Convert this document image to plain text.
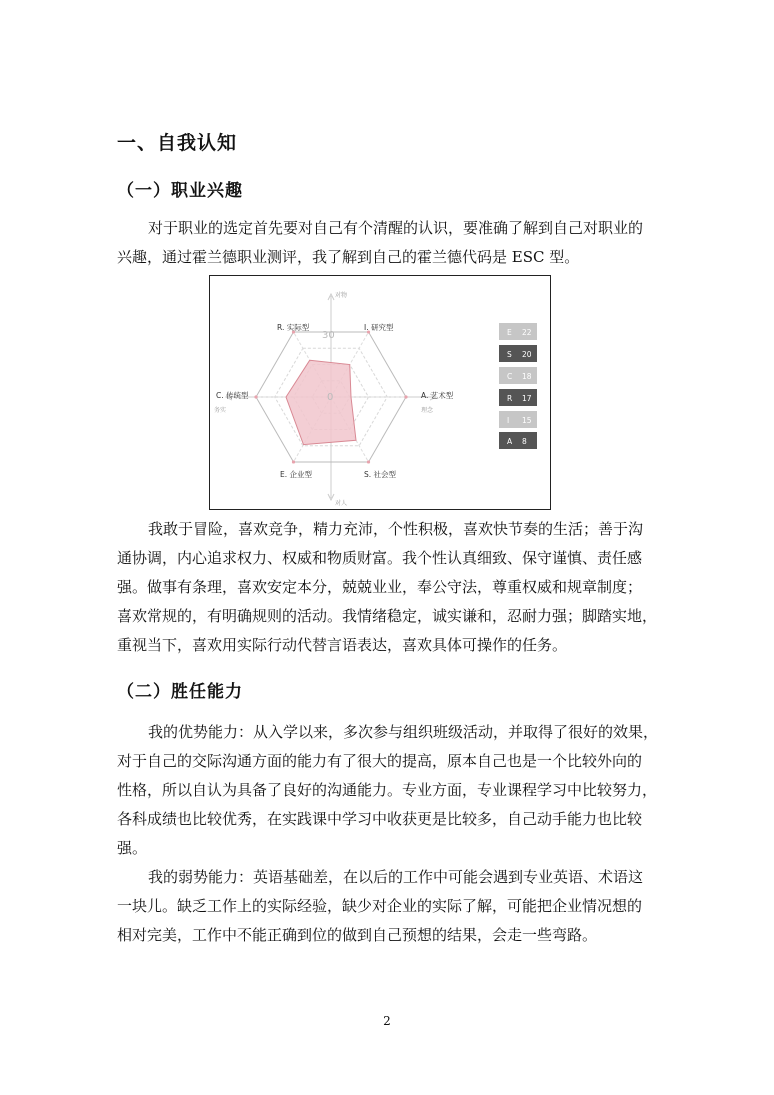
一、自我认知
（一）职业兴趣
对于职业的选定首先要对自己有个清醒的认识，要准确了解到自己对职业的
兴趣，通过霍兰德职业测评，我了解到自己的霍兰德代码是 ESC 型。
对物
对人
务实	理念
30
0
R. 实际型	I. 研究型
A. 艺术型
S. 社会型
E. 企业型
C. 传统型
E 22
S 20
C 18
R 17
I 15
A 8
我敢于冒险，喜欢竞争，精力充沛，个性积极，喜欢快节奏的生活；善于沟
通协调，内心追求权力、权威和物质财富。我个性认真细致、保守谨慎、责任感
强。做事有条理，喜欢安定本分，兢兢业业，奉公守法，尊重权威和规章制度；
喜欢常规的，有明确规则的活动。我情绪稳定，诚实谦和，忍耐力强；脚踏实地，
重视当下，喜欢用实际行动代替言语表达，喜欢具体可操作的任务。
（二）胜任能力
我的优势能力：从入学以来，多次参与组织班级活动，并取得了很好的效果，
对于自己的交际沟通方面的能力有了很大的提高，原本自己也是一个比较外向的
性格，所以自认为具备了良好的沟通能力。专业方面，专业课程学习中比较努力，
各科成绩也比较优秀，在实践课中学习中收获更是比较多，自己动手能力也比较
强。
我的弱势能力：英语基础差，在以后的工作中可能会遇到专业英语、术语这
一块儿。缺乏工作上的实际经验，缺少对企业的实际了解，可能把企业情况想的
相对完美，工作中不能正确到位的做到自己预想的结果，会走一些弯路。
2
